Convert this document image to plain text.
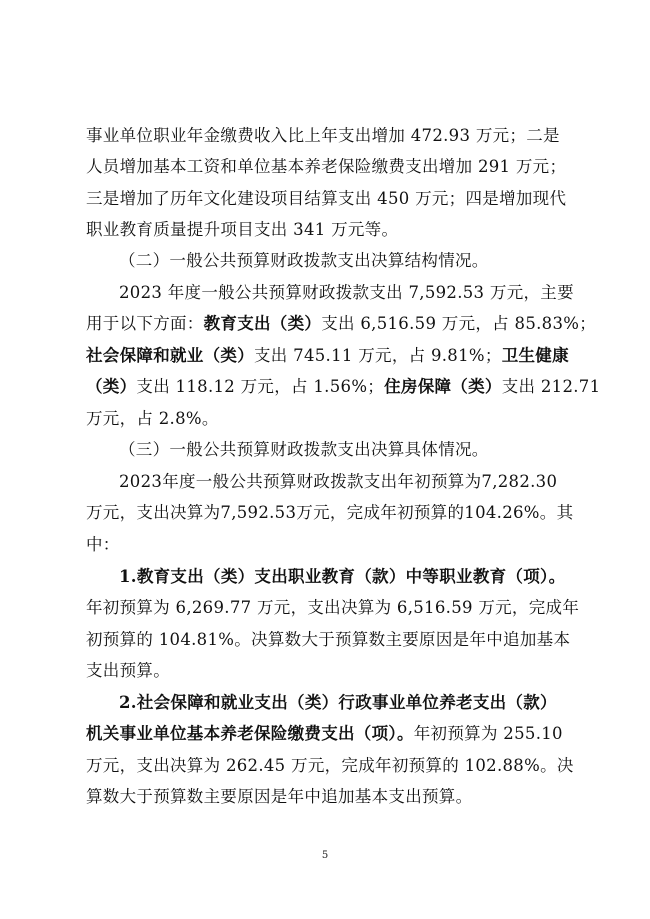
事业单位职业年金缴费收入比上年支出增加 472.93 万元；二是
人员增加基本工资和单位基本养老保险缴费支出增加 291 万元；
三是增加了历年文化建设项目结算支出 450 万元；四是增加现代
职业教育质量提升项目支出 341 万元等。
（二）一般公共预算财政拨款支出决算结构情况。
2023 年度一般公共预算财政拨款支出 7,592.53 万元，主要
用于以下方面：教育支出（类）支出 6,516.59 万元，占 85.83%；
社会保障和就业（类）支出 745.11 万元，占 9.81%；卫生健康
（类）支出 118.12 万元，占 1.56%；住房保障（类）支出 212.71
万元，占 2.8%。
（三）一般公共预算财政拨款支出决算具体情况。
2023年度一般公共预算财政拨款支出年初预算为7,282.30
万元，支出决算为7,592.53万元，完成年初预算的104.26%。其
中：
1.教育支出（类）支出职业教育（款）中等职业教育（项）。
年初预算为 6,269.77 万元，支出决算为 6,516.59 万元，完成年
初预算的 104.81%。决算数大于预算数主要原因是年中追加基本
支出预算。
2.社会保障和就业支出（类）行政事业单位养老支出（款）
机关事业单位基本养老保险缴费支出（项）。年初预算为 255.10
万元，支出决算为 262.45 万元，完成年初预算的 102.88%。决
算数大于预算数主要原因是年中追加基本支出预算。
5
